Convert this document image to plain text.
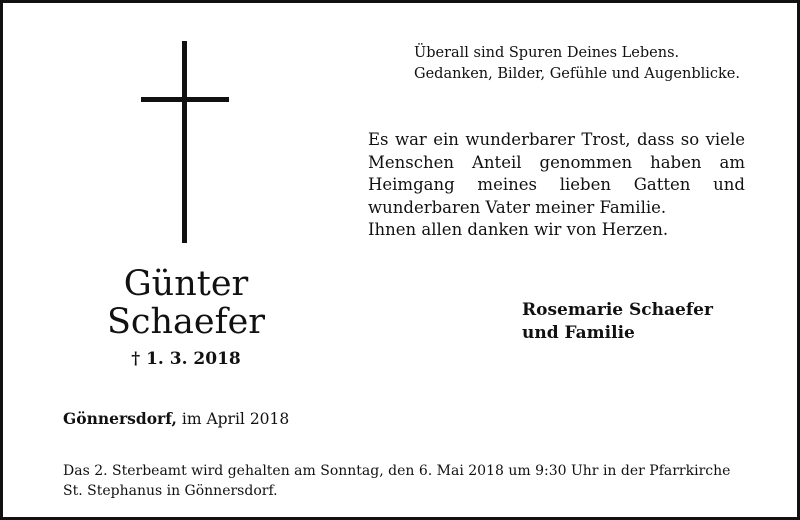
Überall sind Spuren Deines Lebens.
Gedanken, Bilder, Gefühle und Augenblicke.
Es war ein wunderbarer Trost, dass so viele
Menschen Anteil genommen haben am
Heimgang meines lieben Gatten und
wunderbaren Vater meiner Familie.
Ihnen allen danken wir von Herzen.
Günter
Schaefer
† 1. 3. 2018
Rosemarie Schaefer
und Familie
Gönnersdorf, im April 2018
Das 2. Sterbeamt wird gehalten am Sonntag, den 6. Mai 2018 um 9:30 Uhr in der Pfarrkirche
St. Stephanus in Gönnersdorf.
